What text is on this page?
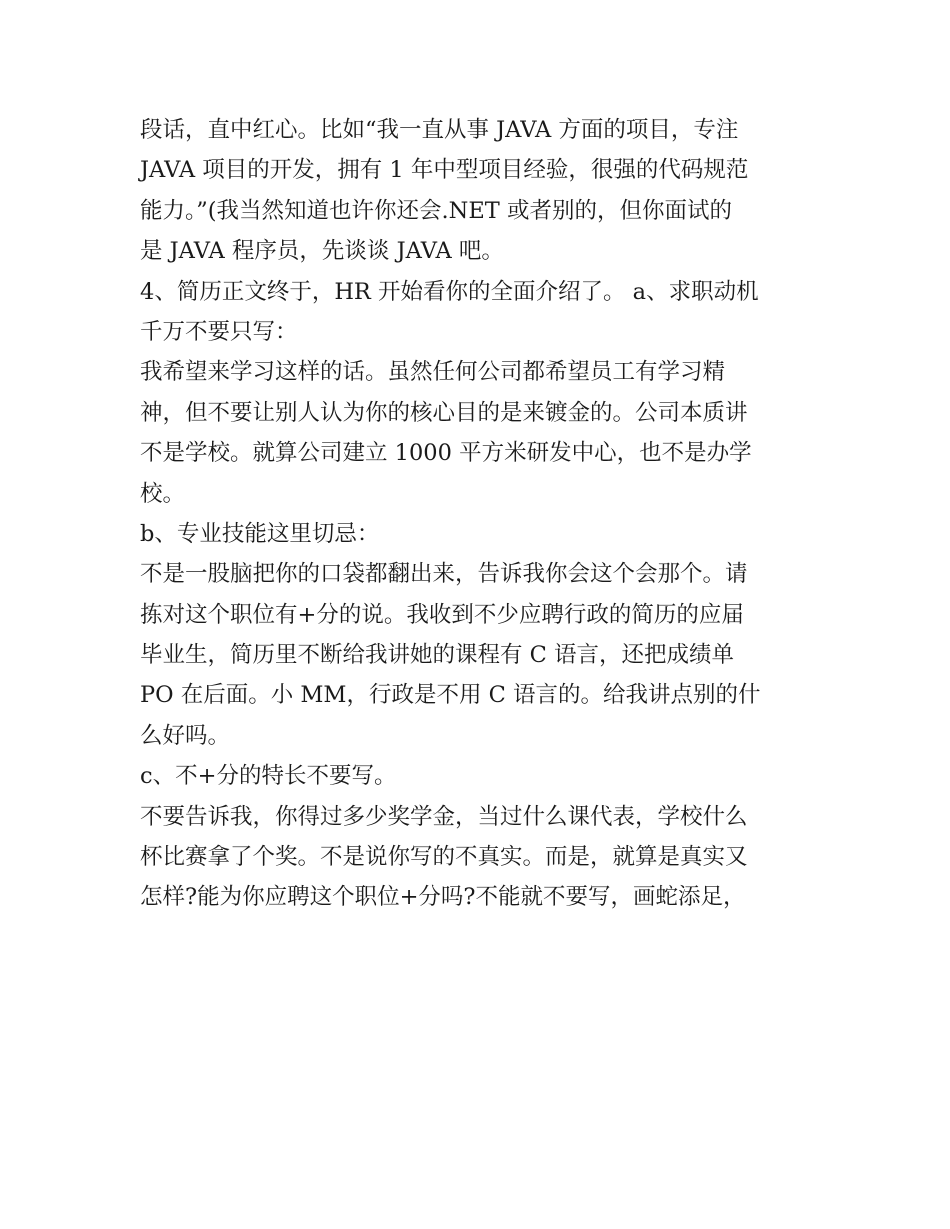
段话，直中红心。比如“我一直从事 JAVA 方面的项目，专注
JAVA 项目的开发，拥有 1 年中型项目经验，很强的代码规范
能力。”(我当然知道也许你还会.NET 或者别的，但你面试的
是 JAVA 程序员，先谈谈 JAVA 吧。
4、简历正文终于，HR 开始看你的全面介绍了。 a、求职动机
千万不要只写：
我希望来学习这样的话。虽然任何公司都希望员工有学习精
神，但不要让别人认为你的核心目的是来镀金的。公司本质讲
不是学校。就算公司建立 1000 平方米研发中心，也不是办学
校。
b、专业技能这里切忌：
不是一股脑把你的口袋都翻出来，告诉我你会这个会那个。请
拣对这个职位有+分的说。我收到不少应聘行政的简历的应届
毕业生，简历里不断给我讲她的课程有 C 语言，还把成绩单
PO 在后面。小 MM，行政是不用 C 语言的。给我讲点别的什
么好吗。
c、不+分的特长不要写。
不要告诉我，你得过多少奖学金，当过什么课代表，学校什么
杯比赛拿了个奖。不是说你写的不真实。而是，就算是真实又
怎样?能为你应聘这个职位+分吗?不能就不要写，画蛇添足，
